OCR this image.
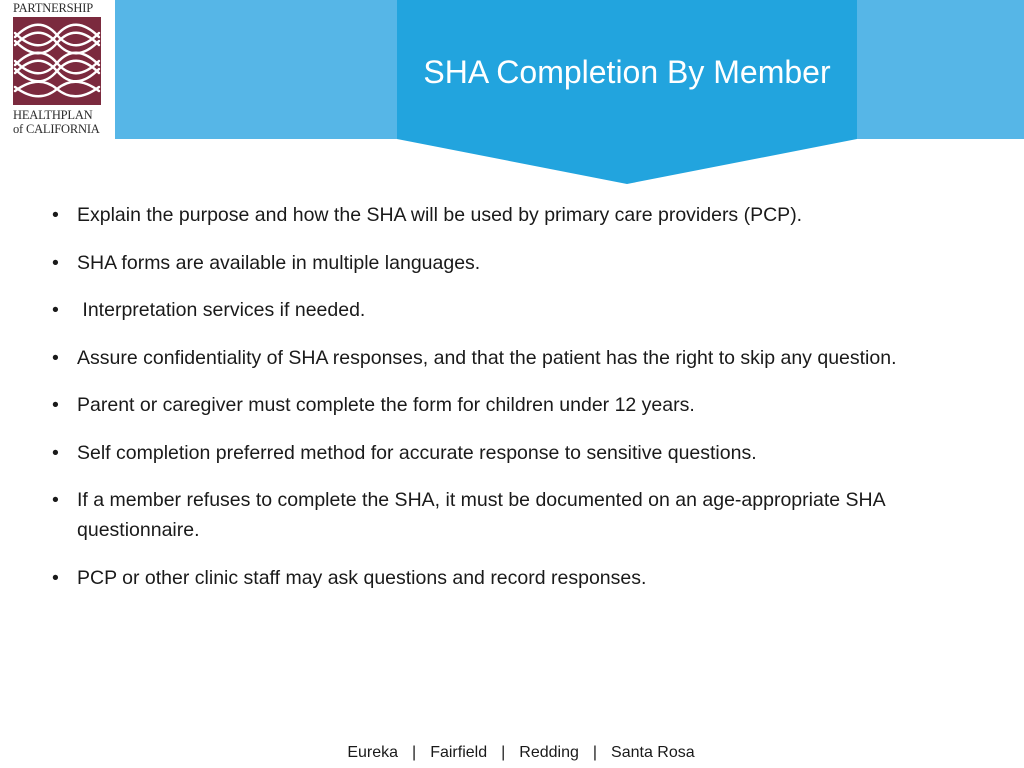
SHA Completion By Member
PARTNERSHIP
HEALTHPLAN
of CALIFORNIA
• Explain the purpose and how the SHA will be used by primary care providers (PCP).
• SHA forms are available in multiple languages.
• Interpretation services if needed.
• Assure confidentiality of SHA responses, and that the patient has the right to skip any question.
• Parent or caregiver must complete the form for children under 12 years.
• Self completion preferred method for accurate response to sensitive questions.
• If a member refuses to complete the SHA, it must be documented on an age-appropriate SHA questionnaire.
• PCP or other clinic staff may ask questions and record responses.
Eureka | Fairfield | Redding | Santa Rosa
